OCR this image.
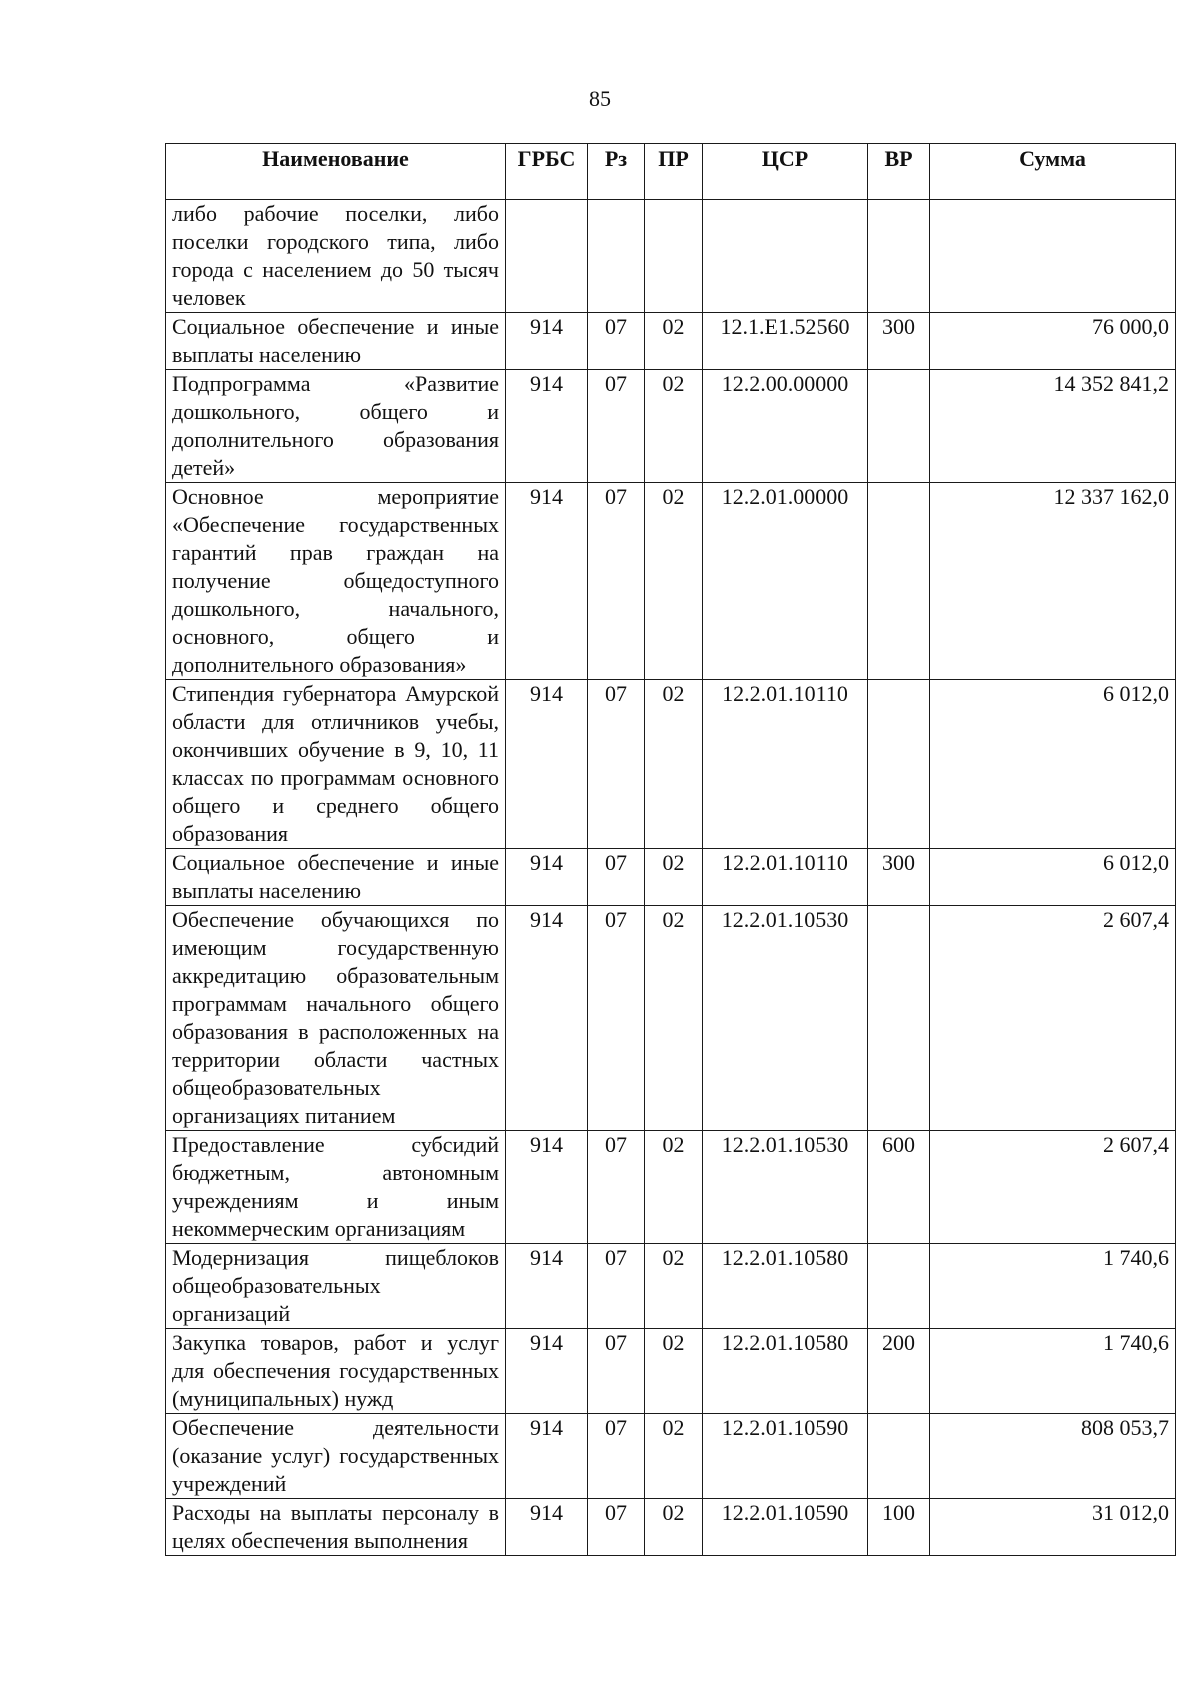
85
Наименование	ГРБС	Рз	ПР	ЦСР	ВР	Сумма
либо рабочие поселки, либо поселки городского типа, либо города с населением до 50 тысяч человек						
Социальное обеспечение и иные выплаты населению	914	07	02	12.1.E1.52560	300	76 000,0
Подпрограмма «Развитие дошкольного, общего и дополнительного образования детей»	914	07	02	12.2.00.00000		14 352 841,2
Основное мероприятие «Обеспечение государственных гарантий прав граждан на получение общедоступного дошкольного, начального, основного, общего и дополнительного образования»	914	07	02	12.2.01.00000		12 337 162,0
Стипендия губернатора Амурской области для отличников учебы, окончивших обучение в 9, 10, 11 классах по программам основного общего и среднего общего образования	914	07	02	12.2.01.10110		6 012,0
Социальное обеспечение и иные выплаты населению	914	07	02	12.2.01.10110	300	6 012,0
Обеспечение обучающихся по имеющим государственную аккредитацию образовательным программам начального общего образования в расположенных на территории области частных общеобразовательных организациях питанием	914	07	02	12.2.01.10530		2 607,4
Предоставление субсидий бюджетным, автономным учреждениям и иным некоммерческим организациям	914	07	02	12.2.01.10530	600	2 607,4
Модернизация пищеблоков общеобразовательных организаций	914	07	02	12.2.01.10580		1 740,6
Закупка товаров, работ и услуг для обеспечения государственных (муниципальных) нужд	914	07	02	12.2.01.10580	200	1 740,6
Обеспечение деятельности (оказание услуг) государственных учреждений	914	07	02	12.2.01.10590		808 053,7
Расходы на выплаты персоналу в целях обеспечения выполнения	914	07	02	12.2.01.10590	100	31 012,0
